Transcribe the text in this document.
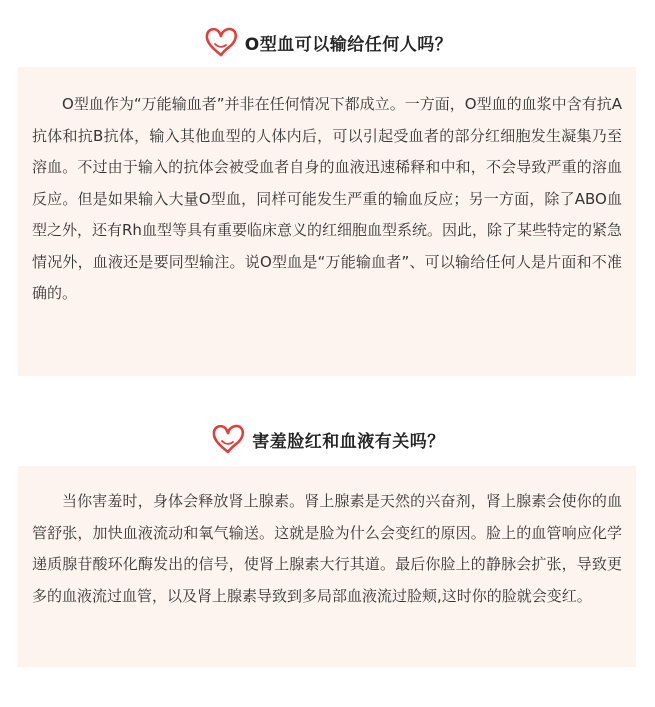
O型血可以输给任何人吗？

O型血作为“万能输血者”并非在任何情况下都成立。一方面，O型血的血浆中含有抗A抗体和抗B抗体，输入其他血型的人体内后，可以引起受血者的部分红细胞发生凝集乃至溶血。不过由于输入的抗体会被受血者自身的血液迅速稀释和中和，不会导致严重的溶血反应。但是如果输入大量O型血，同样可能发生严重的输血反应；另一方面，除了ABO血型之外，还有Rh血型等具有重要临床意义的红细胞血型系统。因此，除了某些特定的紧急情况外，血液还是要同型输注。说O型血是“万能输血者”、可以输给任何人是片面和不准确的。

害羞脸红和血液有关吗？

当你害羞时，身体会释放肾上腺素。肾上腺素是天然的兴奋剂，肾上腺素会使你的血管舒张，加快血液流动和氧气输送。这就是脸为什么会变红的原因。脸上的血管响应化学递质腺苷酸环化酶发出的信号，使肾上腺素大行其道。最后你脸上的静脉会扩张，导致更多的血液流过血管，以及肾上腺素导致到多局部血液流过脸颊,这时你的脸就会变红。
